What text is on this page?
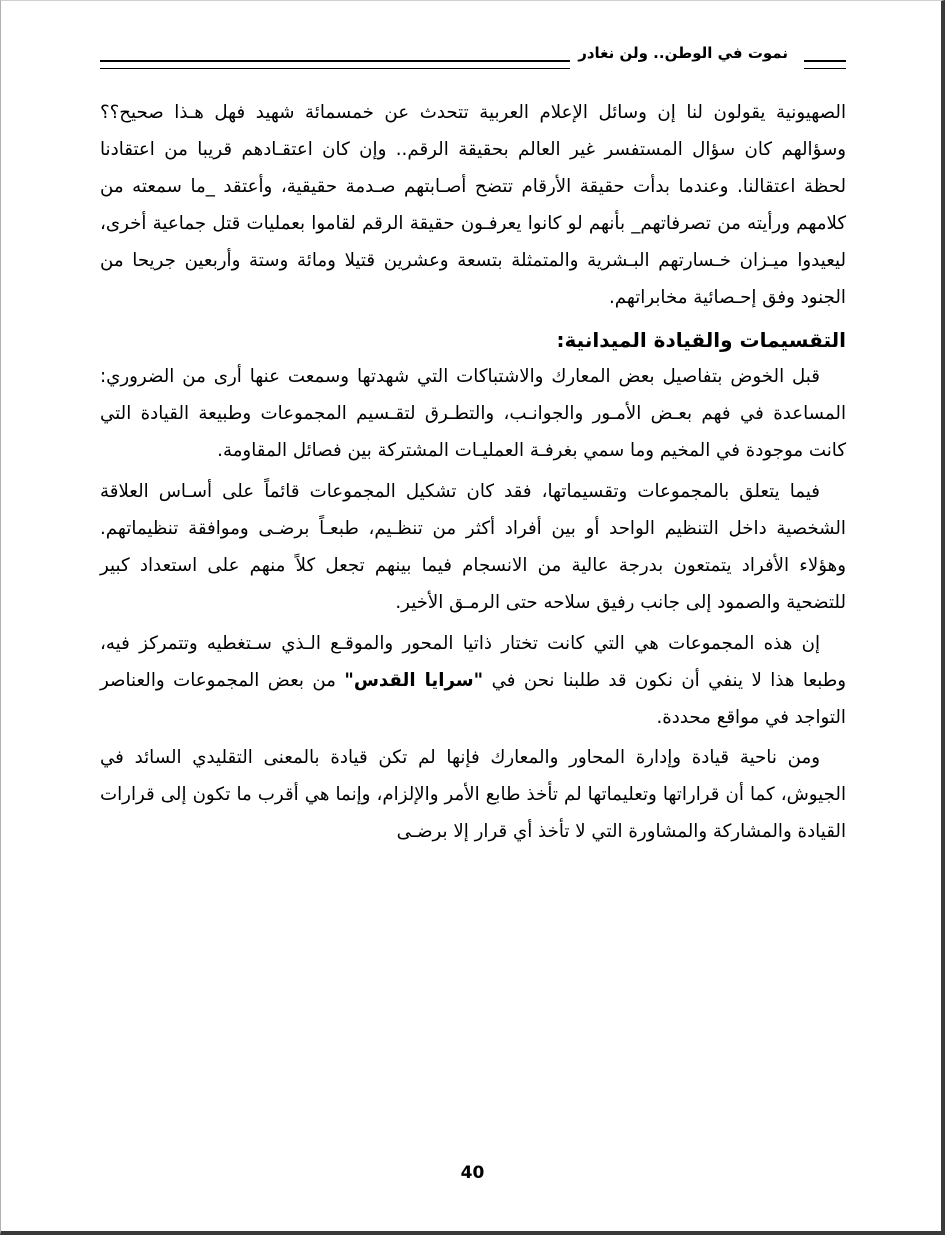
نموت في الوطن.. ولن نغادر

الصهيونية يقولون لنا إن وسائل الإعلام العربية تتحدث عن خمسمائة شهيد فهل هـذا صحيح؟؟ وسؤالهم كان سؤال المستفسر غير العالم بحقيقة الرقم.. وإن كان اعتقـادهم قريبا من اعتقادنا لحظة اعتقالنا. وعندما بدأت حقيقة الأرقام تتضح أصـابتهم صـدمة حقيقية، وأعتقد _ما سمعته من كلامهم ورأيته من تصرفاتهم_ بأنهم لو كانوا يعرفـون حقيقة الرقم لقاموا بعمليات قتل جماعية أخرى، ليعيدوا ميـزان خـسارتهم البـشرية والمتمثلة بتسعة وعشرين قتيلا ومائة وستة وأربعين جريحا من الجنود وفق إحـصائية مخابراتهم.

التقسيمات والقيادة الميدانية:

قبل الخوض بتفاصيل بعض المعارك والاشتباكات التي شهدتها وسمعت عنها أرى من الضروري: المساعدة في فهم بعـض الأمـور والجوانـب، والتطـرق لتقـسيم المجموعات وطبيعة القيادة التي كانت موجودة في المخيم وما سمي بغرفـة العمليـات المشتركة بين فصائل المقاومة.

فيما يتعلق بالمجموعات وتقسيماتها، فقد كان تشكيل المجموعات قائماً على أسـاس العلاقة الشخصية داخل التنظيم الواحد أو بين أفراد أكثر من تنظـيم، طبعـاً برضـى وموافقة تنظيماتهم. وهؤلاء الأفراد يتمتعون بدرجة عالية من الانسجام فيما بينهم تجعل كلاً منهم على استعداد كبير للتضحية والصمود إلى جانب رفيق سلاحه حتى الرمـق الأخير.

إن هذه المجموعات هي التي كانت تختار ذاتيا المحور والموقـع الـذي سـتغطيه وتتمركز فيه، وطبعا هذا لا ينفي أن نكون قد طلبنا نحن في "سرايا القدس" من بعض المجموعات والعناصر التواجد في مواقع محددة.

ومن ناحية قيادة وإدارة المحاور والمعارك فإنها لم تكن قيادة بالمعنى التقليدي السائد في الجيوش، كما أن قراراتها وتعليماتها لم تأخذ طابع الأمر والإلزام، وإنما هي أقرب ما تكون إلى قرارات القيادة والمشاركة والمشاورة التي لا تأخذ أي قرار إلا برضـى

40
